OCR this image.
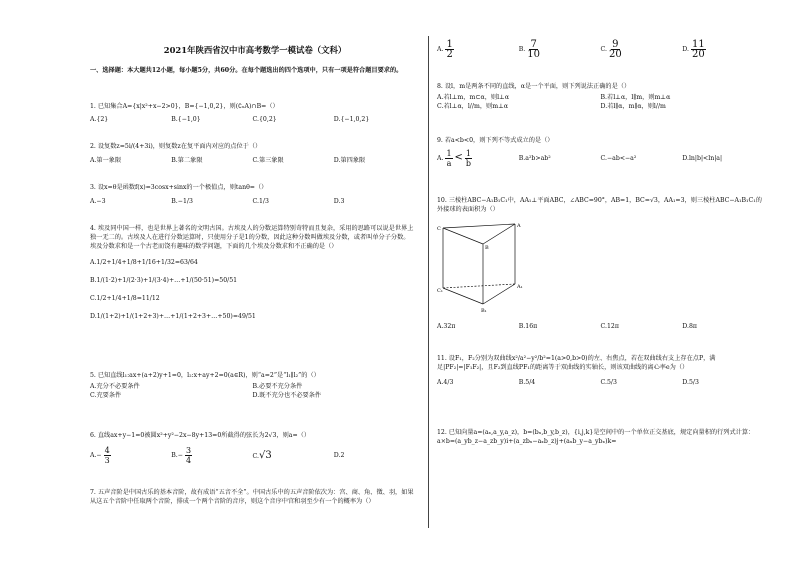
2021年陕西省汉中市高考数学一模试卷（文科）
一、选择题：本大题共12小题，每小题5分，共60分。在每个题选出的四个选项中，只有一项是符合题目要求的。

1. 已知集合A={x|x²+x−2>0}，B={−1,0,2}，则(∁ᵤA)∩B=（）

A.{2}	B.{−1,0}	C.{0,2}	D.{−1,0,2}

2. 设复数z=5i/(4+3i)，则复数z在复平面内对应的点位于（）

A.第一象限	B.第二象限	C.第三象限	D.第四象限

3. 设x=θ是函数f(x)=3cosx+sinx的一个极值点，则tanθ=（）

A.−3	B.−1/3	C.1/3	D.3

4. 埃及同中国一样，也是世界上著名的文明古国。古埃及人的分数运算特别奇特而且复杂，采用的思路可以说是世界上独一无二的。古埃及人在进行分数运算时，只使用分子是1的分数，因此这种分数叫做埃及分数，或者叫单分子分数。埃及分数求和是一个古老而饶有趣味的数学问题，下面的几个埃及分数求和不正确的是（）

A.1/2+1/4+1/8+1/16+1/32=63/64

B.1/(1·2)+1/(2·3)+1/(3·4)+…+1/(50·51)=50/51

C.1/2+1/4+1/8=11/12

D.1/(1+2)+1/(1+2+3)+…+1/(1+2+3+…+50)=49/51

5. 已知直线l₁:ax+(a+2)y+1=0，l₂:x+ay+2=0(a∈R)，则“a=2”是“l₁∥l₂”的（）

A.充分不必要条件	B.必要不充分条件
C.充要条件	D.既不充分也不必要条件

6. 直线ax+y−1=0被圆x²+y²−2x−8y+13=0所截得的弦长为2√3，则a=（）

$A.- \frac{4}{3}$	$B.- \frac{3}{4}$	C.√3	D.2

7. 五声音阶是中国古乐的基本音阶，故有成语“五音不全”。中国古乐中的五声音阶依次为：宫、商、角、徵、羽，如果从这五个音阶中任取两个音阶，排成一个两个音阶的音序，则这个音序中宫和羽至少有一个的概率为（）

A. $\frac{1}{2}$	B. $\frac{7}{10}$	C. $\frac{9}{20}$	D. $\frac{11}{20}$

8. 设l，m是两条不同的直线，α是一个平面，则下列说法正确的是（）

A.若l⊥m，m⊂α，则l⊥α	B.若l⊥α，l∥m，则m⊥α
C.若l⊥α，l//m，则m⊥α	D.若l∥α，m∥α，则l//m

9. 若a<b<0，则下列不等式成立的是（）

A. $\frac{1}{a} < \frac{1}{b}$	B.a²b>ab²	C.−ab<−a²	D.ln|b|<ln|a|

10. 三棱柱ABC−A₁B₁C₁中，AA₁⊥平面ABC，∠ABC=90°，AB=1，BC=√3，AA₁=3，则三棱柱ABC−A₁B₁C₁的外接球的表面积为（）

C
B
A
C₁
B₁
A₁
A.32π	B.16π	C.12π	D.8π

11. 设F₁，F₂分别为双曲线x²/a²−y²/b²=1(a>0,b>0)的左、右焦点，若在双曲线右支上存在点P，满足|PF₂|=|F₁F₂|，且F₂到直线PF₁的距离等于双曲线的实轴长，则该双曲线的离心率e为（）

A.4/3	B.5/4	C.5/3	D.5/3

12. 已知向量a=(aₓ,a_y,a_z)，b=(bₓ,b_y,b_z)，{i,j,k}是空间中的一个单位正交基底，规定向量积的行列式计算：a×b=(a_yb_z−a_zb_y)i+(a_zbₓ−aₓb_z)j+(aₓb_y−a_ybₓ)k=
